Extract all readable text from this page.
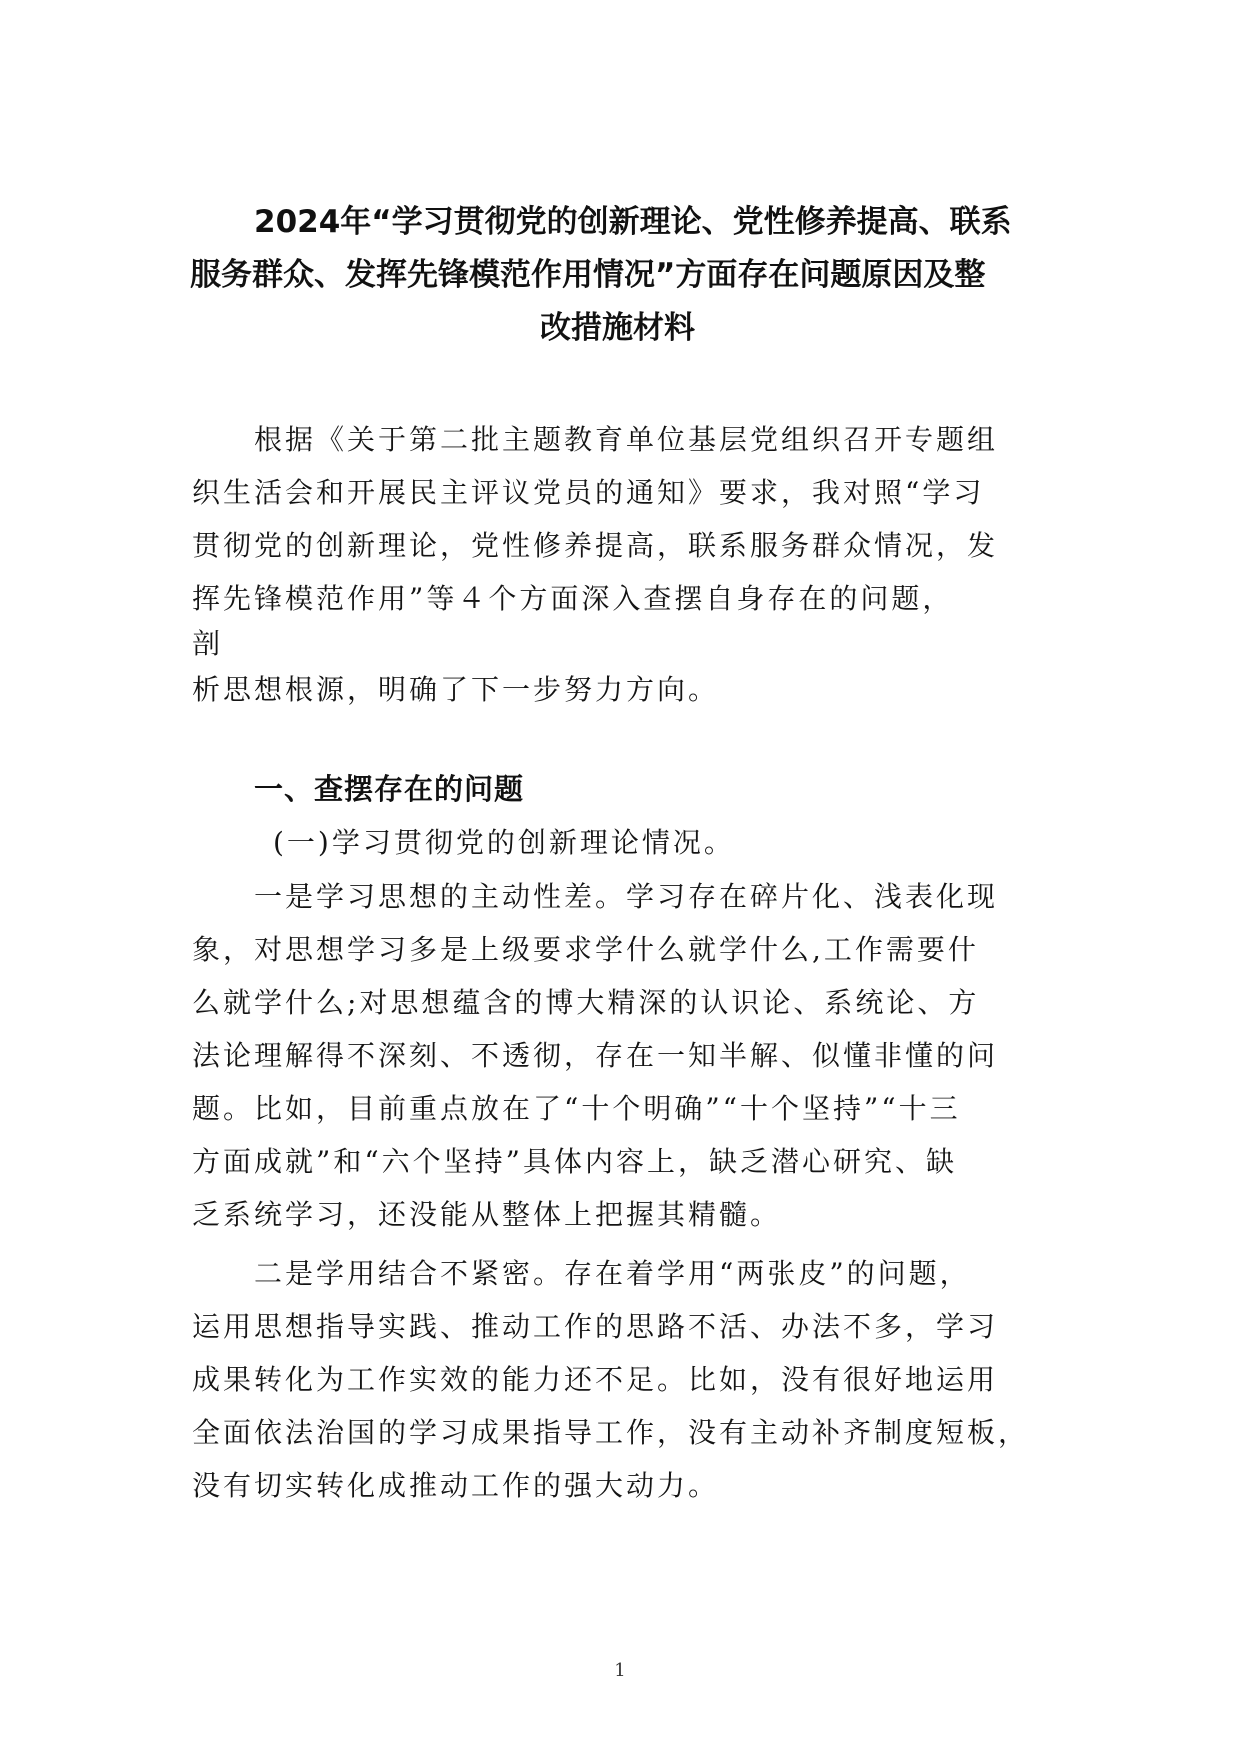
2024年“学习贯彻党的创新理论、党性修养提高、联系
服务群众、发挥先锋模范作用情况”方面存在问题原因及整
改措施材料

根据《关于第二批主题教育单位基层党组织召开专题组
织生活会和开展民主评议党员的通知》要求，我对照“学习
贯彻党的创新理论，党性修养提高，联系服务群众情况，发
挥先锋模范作用”等４个方面深入查摆自身存在的问题，
剖
析思想根源，明确了下一步努力方向。

一、查摆存在的问题

(一)学习贯彻党的创新理论情况。

一是学习思想的主动性差。学习存在碎片化、浅表化现
象，对思想学习多是上级要求学什么就学什么,工作需要什
么就学什么;对思想蕴含的博大精深的认识论、系统论、方
法论理解得不深刻、不透彻，存在一知半解、似懂非懂的问
题。比如，目前重点放在了“十个明确”“十个坚持”“十三
方面成就”和“六个坚持”具体内容上，缺乏潜心研究、缺
乏系统学习，还没能从整体上把握其精髓。

二是学用结合不紧密。存在着学用“两张皮”的问题，
运用思想指导实践、推动工作的思路不活、办法不多，学习
成果转化为工作实效的能力还不足。比如，没有很好地运用
全面依法治国的学习成果指导工作，没有主动补齐制度短板，
没有切实转化成推动工作的强大动力。

1
